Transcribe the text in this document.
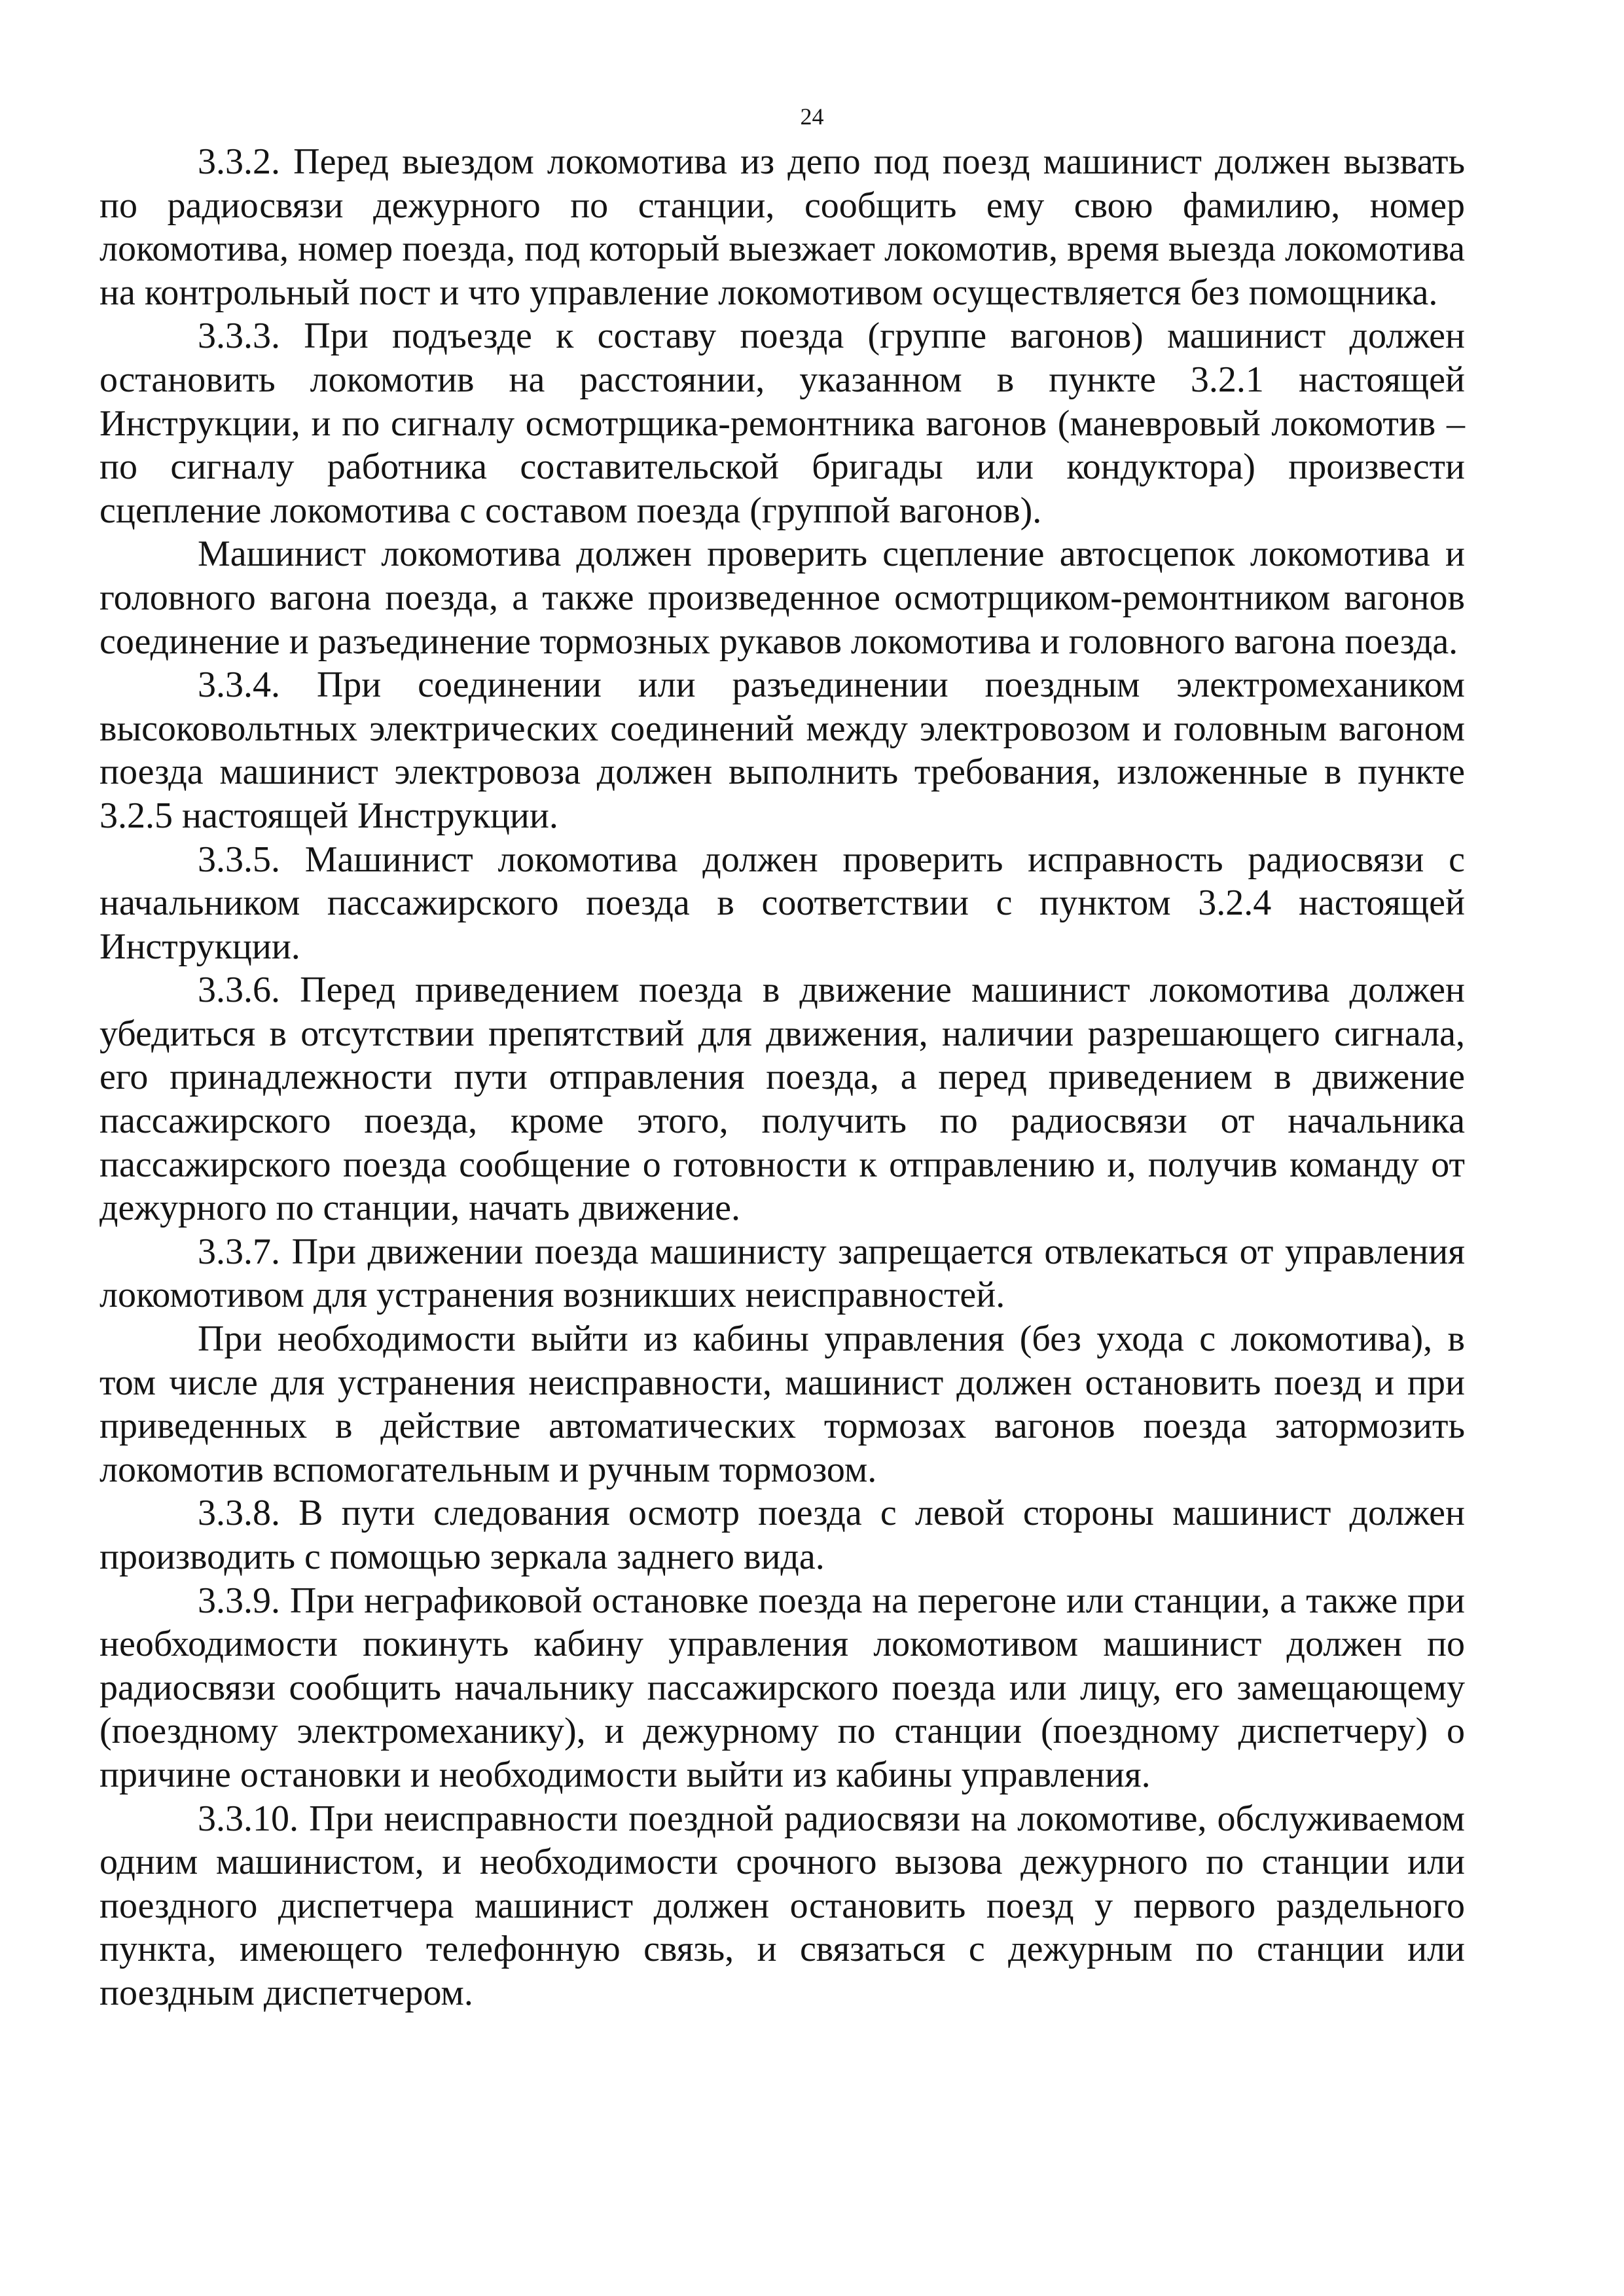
24

3.3.2. Перед выездом локомотива из депо под поезд машинист должен вызвать по радиосвязи дежурного по станции, сообщить ему свою фамилию, номер локомотива, номер поезда, под который выезжает локомотив, время выезда локомотива на контрольный пост и что управление локомотивом осуществляется без помощника.

3.3.3. При подъезде к составу поезда (группе вагонов) машинист должен остановить локомотив на расстоянии, указанном в пункте 3.2.1 настоящей Инструкции, и по сигналу осмотрщика-ремонтника вагонов (маневровый локомотив – по сигналу работника составительской бригады или кондуктора) произвести сцепление локомотива с составом поезда (группой вагонов).

Машинист локомотива должен проверить сцепление автосцепок локомотива и головного вагона поезда, а также произведенное осмотрщиком-ремонтником вагонов соединение и разъединение тормозных рукавов локомотива и головного вагона поезда.

3.3.4. При соединении или разъединении поездным электромехаником высоковольтных электрических соединений между электровозом и головным вагоном поезда машинист электровоза должен выполнить требования, изложенные в пункте 3.2.5 настоящей Инструкции.

3.3.5. Машинист локомотива должен проверить исправность радиосвязи с начальником пассажирского поезда в соответствии с пунктом 3.2.4 настоящей Инструкции.

3.3.6. Перед приведением поезда в движение машинист локомотива должен убедиться в отсутствии препятствий для движения, наличии разрешающего сигнала, его принадлежности пути отправления поезда, а перед приведением в движение пассажирского поезда, кроме этого, получить по радиосвязи от начальника пассажирского поезда сообщение о готовности к отправлению и, получив команду от дежурного по станции, начать движение.

3.3.7. При движении поезда машинисту запрещается отвлекаться от управления локомотивом для устранения возникших неисправностей.

При необходимости выйти из кабины управления (без ухода с локомотива), в том числе для устранения неисправности, машинист должен остановить поезд и при приведенных в действие автоматических тормозах вагонов поезда затормозить локомотив вспомогательным и ручным тормозом.

3.3.8. В пути следования осмотр поезда с левой стороны машинист должен производить с помощью зеркала заднего вида.

3.3.9. При неграфиковой остановке поезда на перегоне или станции, а также при необходимости покинуть кабину управления локомотивом машинист должен по радиосвязи сообщить начальнику пассажирского поезда или лицу, его замещающему (поездному электромеханику), и дежурному по станции (поездному диспетчеру) о причине остановки и необходимости выйти из кабины управления.

3.3.10. При неисправности поездной радиосвязи на локомотиве, обслуживаемом одним машинистом, и необходимости срочного вызова дежурного по станции или поездного диспетчера машинист должен остановить поезд у первого раздельного пункта, имеющего телефонную связь, и связаться с дежурным по станции или поездным диспетчером.
